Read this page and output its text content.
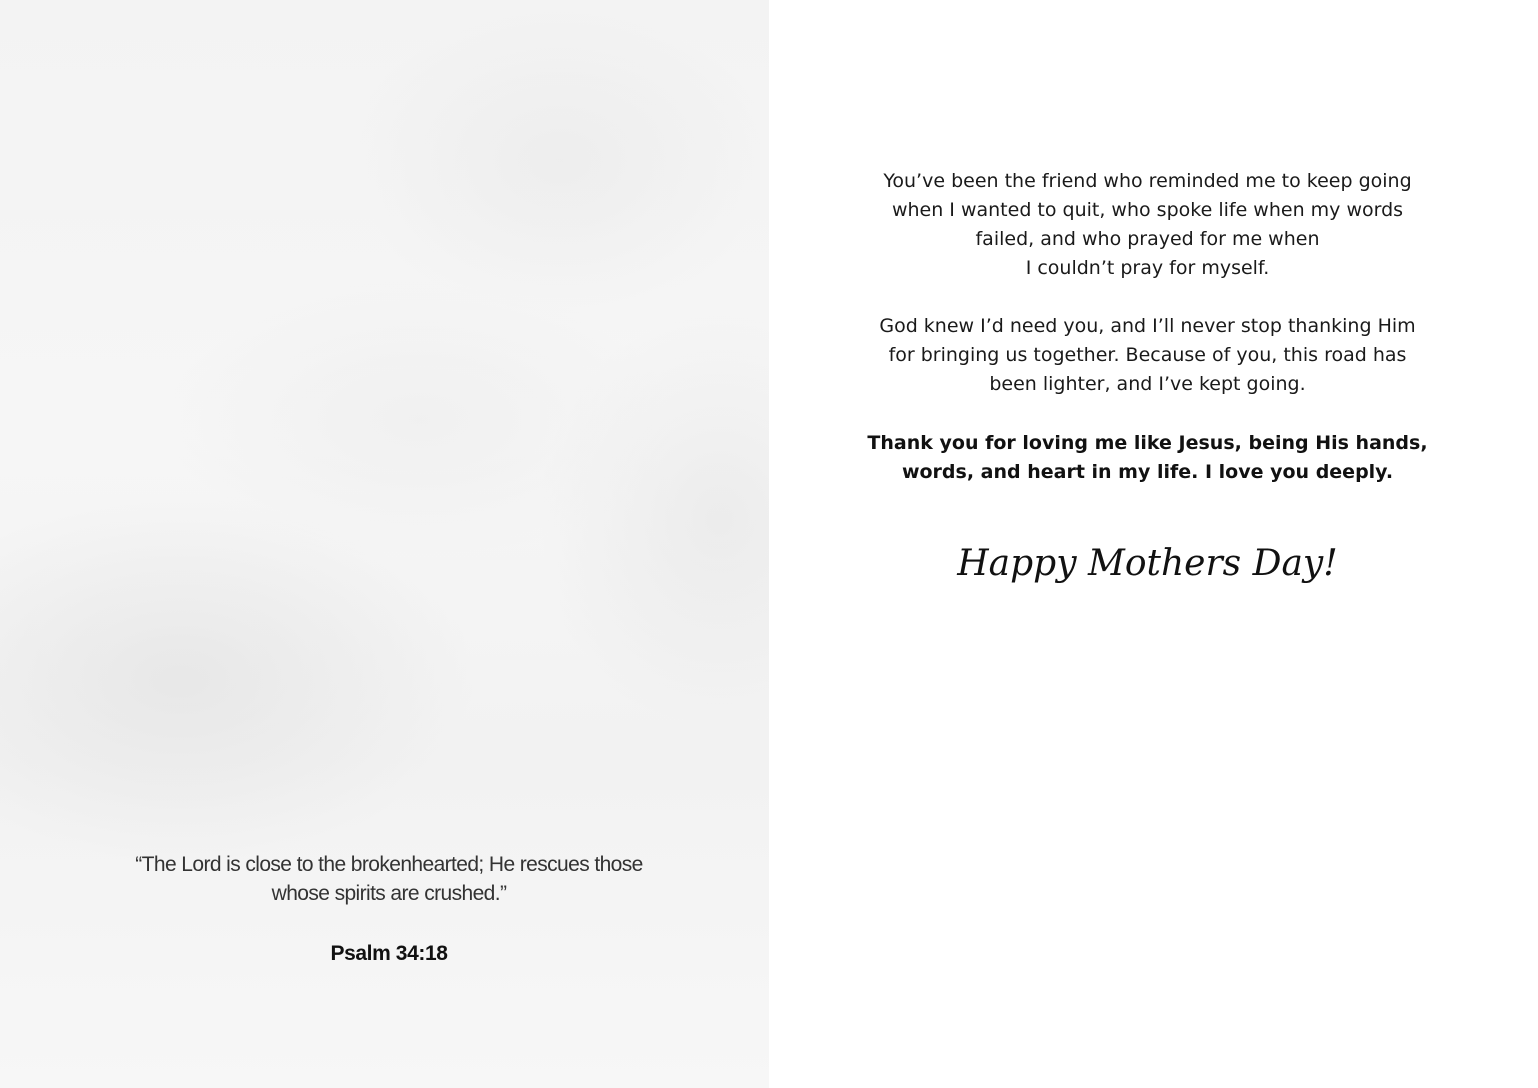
“The Lord is close to the brokenhearted; He rescues those
whose spirits are crushed.”

Psalm 34:18

You’ve been the friend who reminded me to keep going
when I wanted to quit, who spoke life when my words
failed, and who prayed for me when
I couldn’t pray for myself.

God knew I’d need you, and I’ll never stop thanking Him
for bringing us together. Because of you, this road has
been lighter, and I’ve kept going.

Thank you for loving me like Jesus, being His hands,
words, and heart in my life. I love you deeply.

Happy Mothers Day!
